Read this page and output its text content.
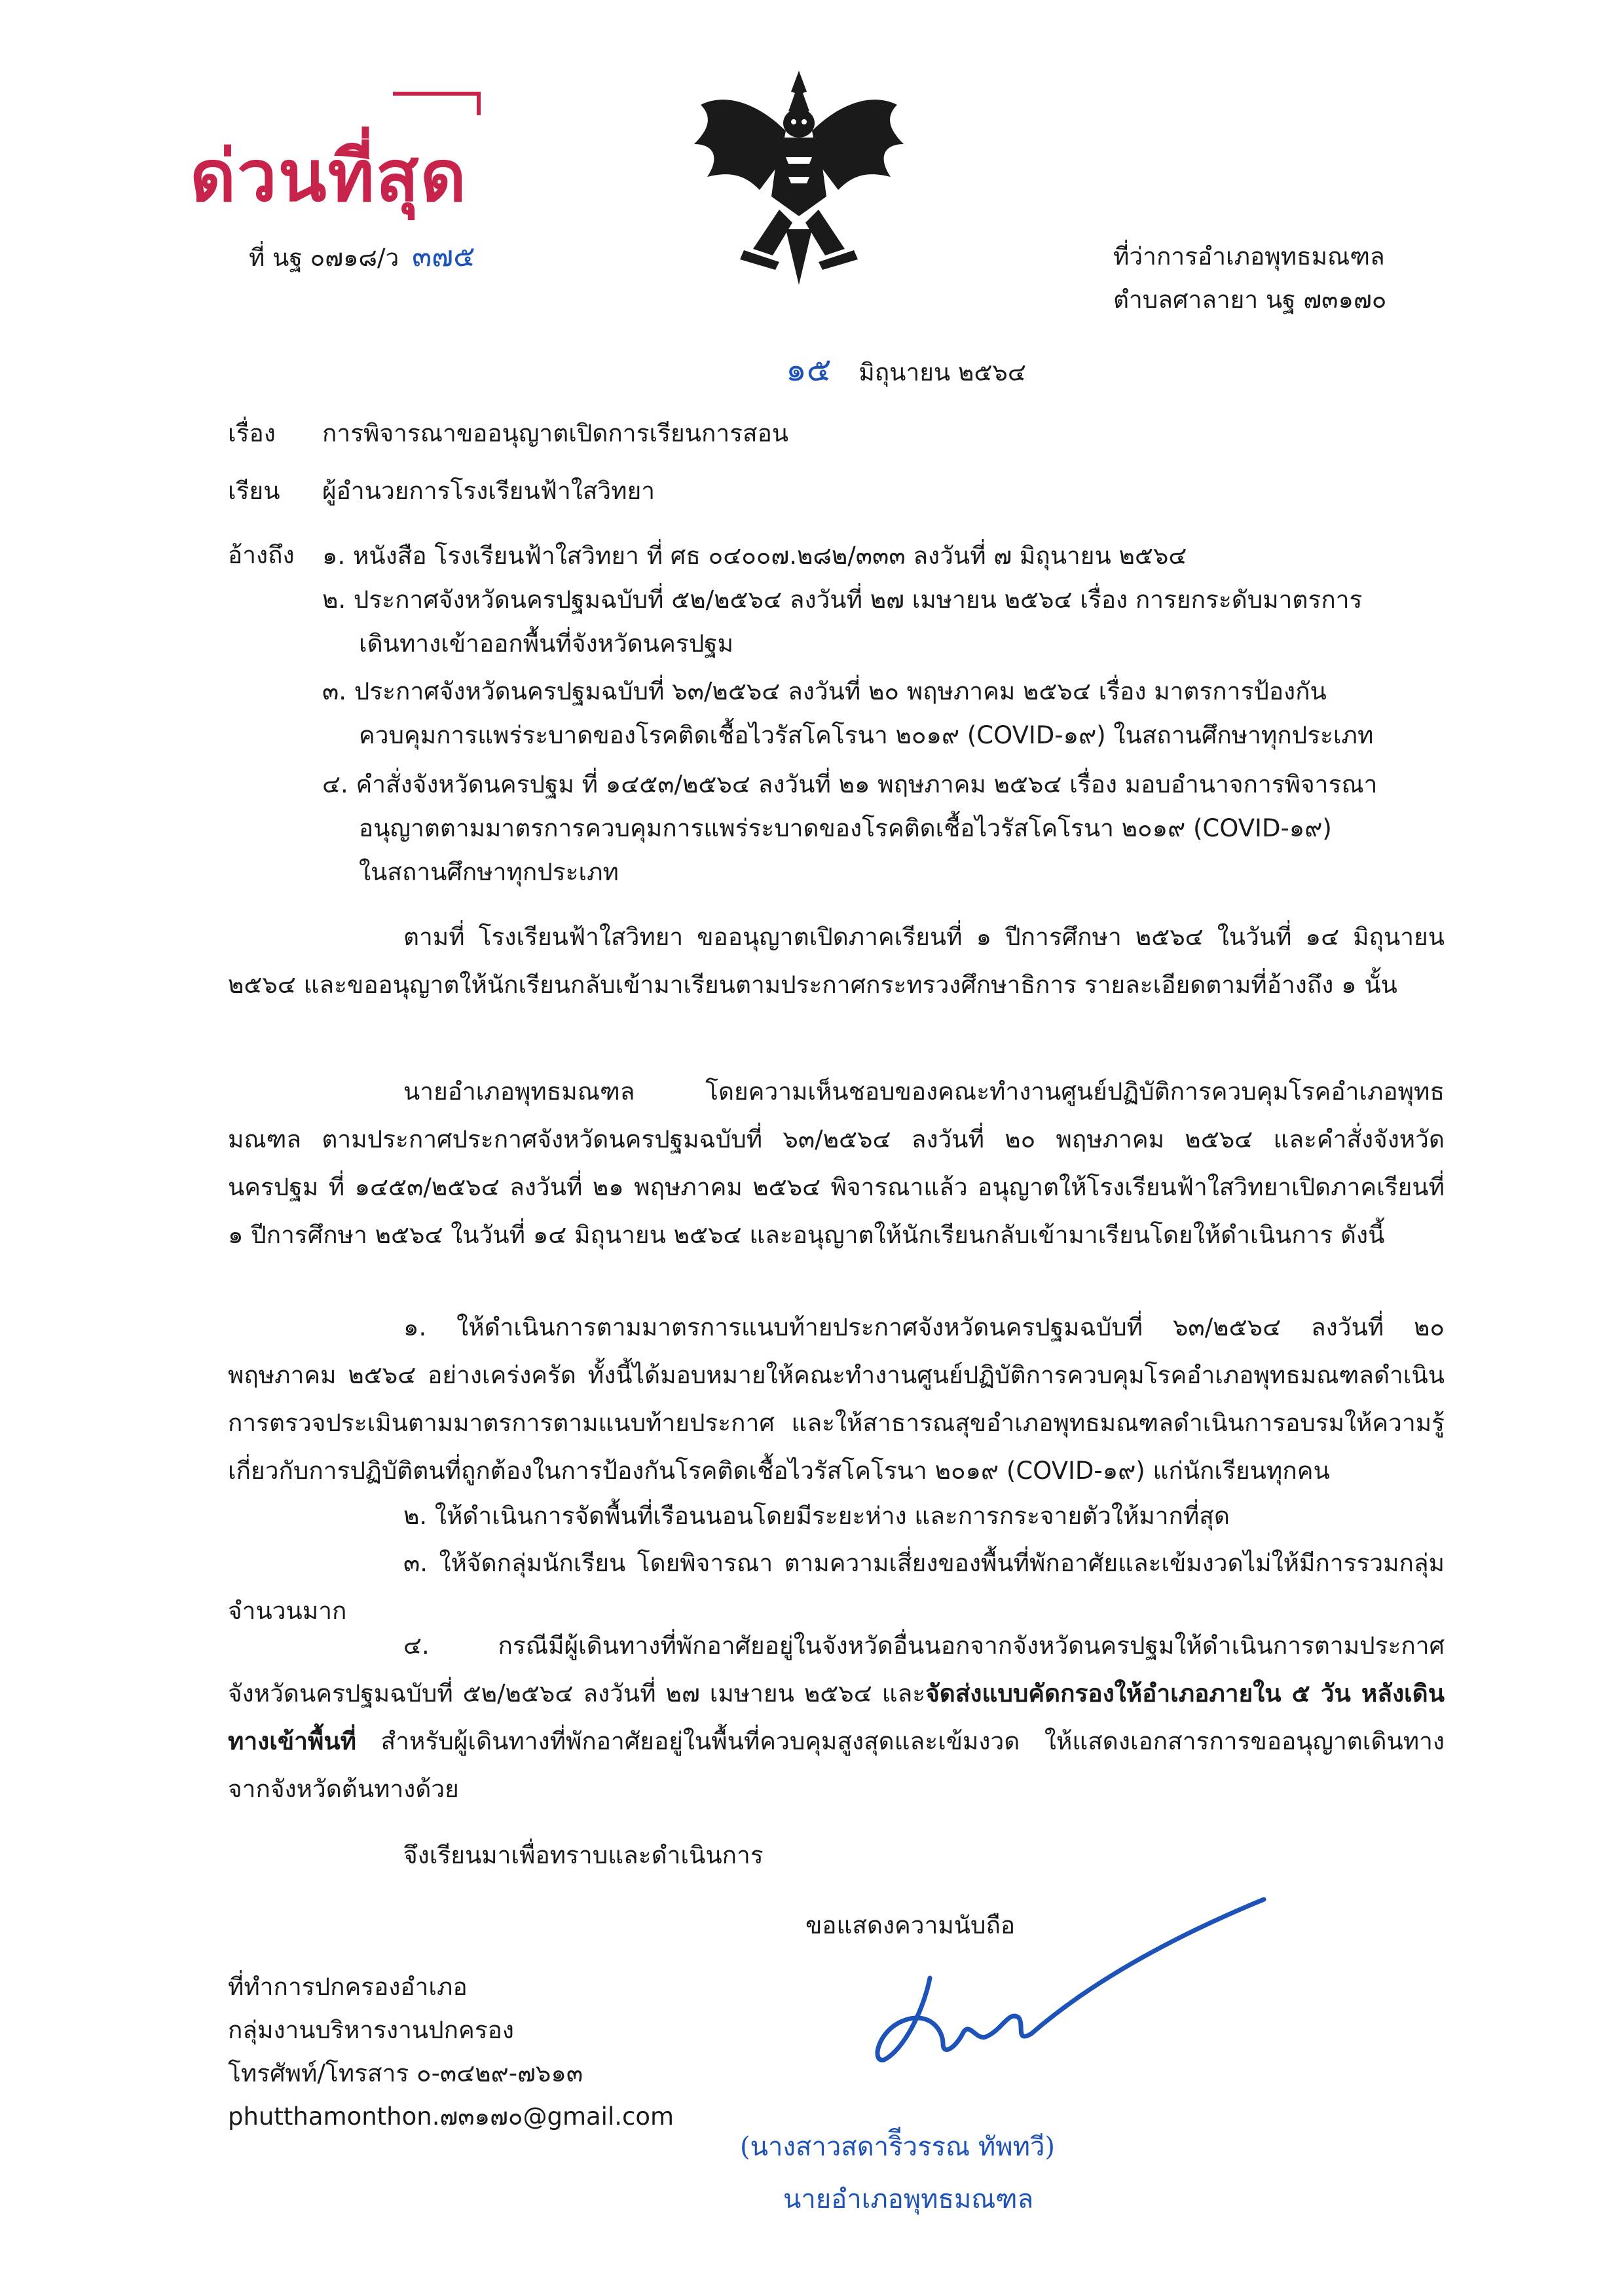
ด่วนที่สุด
ที่ นฐ ๐๗๑๘/ว ๓๗๕	ที่ว่าการอำเภอพุทธมณฑล
ตำบลศาลายา นฐ ๗๓๑๗๐
๑๕ มิถุนายน ๒๕๖๔
เรื่อง การพิจารณาขออนุญาตเปิดการเรียนการสอน
เรียน ผู้อำนวยการโรงเรียนฟ้าใสวิทยา
อ้างถึง ๑. หนังสือ โรงเรียนฟ้าใสวิทยา ที่ ศธ ๐๔๐๐๗.๒๘๒/๓๓๓ ลงวันที่ ๗ มิถุนายน ๒๕๖๔
๒. ประกาศจังหวัดนครปฐมฉบับที่ ๕๒/๒๕๖๔ ลงวันที่ ๒๗ เมษายน ๒๕๖๔ เรื่อง การยกระดับมาตรการ
เดินทางเข้าออกพื้นที่จังหวัดนครปฐม
๓. ประกาศจังหวัดนครปฐมฉบับที่ ๖๓/๒๕๖๔ ลงวันที่ ๒๐ พฤษภาคม ๒๕๖๔ เรื่อง มาตรการป้องกัน
ควบคุมการแพร่ระบาดของโรคติดเชื้อไวรัสโคโรนา ๒๐๑๙ (COVID-๑๙) ในสถานศึกษาทุกประเภท
๔. คำสั่งจังหวัดนครปฐม ที่ ๑๔๕๓/๒๕๖๔ ลงวันที่ ๒๑ พฤษภาคม ๒๕๖๔ เรื่อง มอบอำนาจการพิจารณา
อนุญาตตามมาตรการควบคุมการแพร่ระบาดของโรคติดเชื้อไวรัสโคโรนา ๒๐๑๙ (COVID-๑๙)
ในสถานศึกษาทุกประเภท
ตามที่ โรงเรียนฟ้าใสวิทยา ขออนุญาตเปิดภาคเรียนที่ ๑ ปีการศึกษา ๒๕๖๔ ในวันที่ ๑๔ มิถุนายน ๒๕๖๔ และขออนุญาตให้นักเรียนกลับเข้ามาเรียนตามประกาศกระทรวงศึกษาธิการ รายละเอียดตามที่อ้างถึง ๑ นั้น
นายอำเภอพุทธมณฑล โดยความเห็นชอบของคณะทำงานศูนย์ปฏิบัติการควบคุมโรคอำเภอพุทธมณฑล ตามประกาศประกาศจังหวัดนครปฐมฉบับที่ ๖๓/๒๕๖๔ ลงวันที่ ๒๐ พฤษภาคม ๒๕๖๔ และคำสั่งจังหวัดนครปฐม ที่ ๑๔๕๓/๒๕๖๔ ลงวันที่ ๒๑ พฤษภาคม ๒๕๖๔ พิจารณาแล้ว อนุญาตให้โรงเรียนฟ้าใสวิทยาเปิดภาคเรียนที่ ๑ ปีการศึกษา ๒๕๖๔ ในวันที่ ๑๔ มิถุนายน ๒๕๖๔ และอนุญาตให้นักเรียนกลับเข้ามาเรียนโดยให้ดำเนินการ ดังนี้
๑. ให้ดำเนินการตามมาตรการแนบท้ายประกาศจังหวัดนครปฐมฉบับที่ ๖๓/๒๕๖๔ ลงวันที่ ๒๐ พฤษภาคม ๒๕๖๔ อย่างเคร่งครัด ทั้งนี้ได้มอบหมายให้คณะทำงานศูนย์ปฏิบัติการควบคุมโรคอำเภอพุทธมณฑลดำเนินการตรวจประเมินตามมาตรการตามแนบท้ายประกาศ และให้สาธารณสุขอำเภอพุทธมณฑลดำเนินการอบรมให้ความรู้เกี่ยวกับการปฏิบัติตนที่ถูกต้องในการป้องกันโรคติดเชื้อไวรัสโคโรนา ๒๐๑๙ (COVID-๑๙) แก่นักเรียนทุกคน
๒. ให้ดำเนินการจัดพื้นที่เรือนนอนโดยมีระยะห่าง และการกระจายตัวให้มากที่สุด
๓. ให้จัดกลุ่มนักเรียน โดยพิจารณา ตามความเสี่ยงของพื้นที่พักอาศัยและเข้มงวดไม่ให้มีการรวมกลุ่มจำนวนมาก
๔. กรณีมีผู้เดินทางที่พักอาศัยอยู่ในจังหวัดอื่นนอกจากจังหวัดนครปฐมให้ดำเนินการตามประกาศจังหวัดนครปฐมฉบับที่ ๕๒/๒๕๖๔ ลงวันที่ ๒๗ เมษายน ๒๕๖๔ และจัดส่งแบบคัดกรองให้อำเภอภายใน ๕ วัน หลังเดินทางเข้าพื้นที่ สำหรับผู้เดินทางที่พักอาศัยอยู่ในพื้นที่ควบคุมสูงสุดและเข้มงวด ให้แสดงเอกสารการขออนุญาตเดินทางจากจังหวัดต้นทางด้วย
จึงเรียนมาเพื่อทราบและดำเนินการ
ขอแสดงความนับถือ
(นางสาวสดาริีวรรณ ทัพทวี)
นายอำเภอพุทธมณฑล
ที่ทำการปกครองอำเภอ
กลุ่มงานบริหารงานปกครอง
โทรศัพท์/โทรสาร ๐-๓๔๒๙-๗๖๑๓
phutthamonthon.๗๓๑๗๐@gmail.com
